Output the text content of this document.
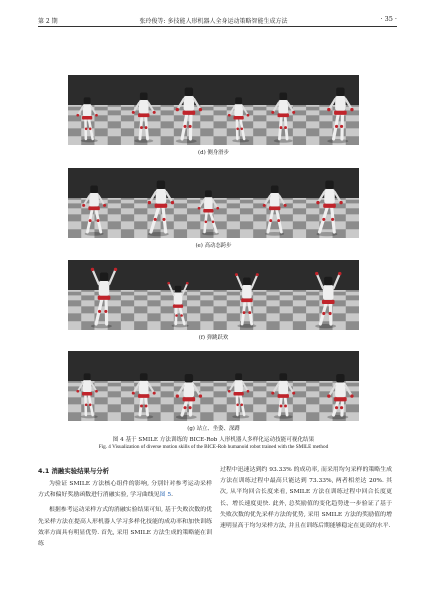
第 2 期	张玲俊等: 多技能人形机器人全身运动策略智能生成方法	· 35 ·
(d) 侧身滑步
(e) 高动态跨步
(f) 弹跳跃欢
(g) 站立、坐姿、深蹲
图 4 基于 SMILE 方法训练的 BICE-Rob 人形机器人多样化运动技能可视化结果
Fig. 4 Visualization of diverse motion skills of the BICE-Rob humanoid robot trained with the SMILE method
4.1 消融实验结果与分析

为验证 SMILE 方法核心组件的影响, 分别针对参考运动采样方式和偏好奖励函数进行消融实验, 学习曲线见图 5.

根据参考运动采样方式的消融实验结果可知, 基于失败次数的优先采样方法在提高人形机器人学习多样化技能的成功率和加快训练效率方面具有明显优势. 首先, 采用 SMILE 方法生成的策略能在训练

过程中迅速达到约 93.33% 的成功率, 而采用均匀采样的策略生成方法在训练过程中最高只能达到 73.33%, 两者相差达 20%. 其次, 从平均回合长度来看, SMILE 方法在训练过程中回合长度更长、增长速度更快. 此外, 总奖励值的变化趋势进一步验证了基于失败次数的优先采样方法的优势, 采用 SMILE 方法的奖励值的增速明显高于均匀采样方法, 并且在训练后期能够稳定在更高的水平.
